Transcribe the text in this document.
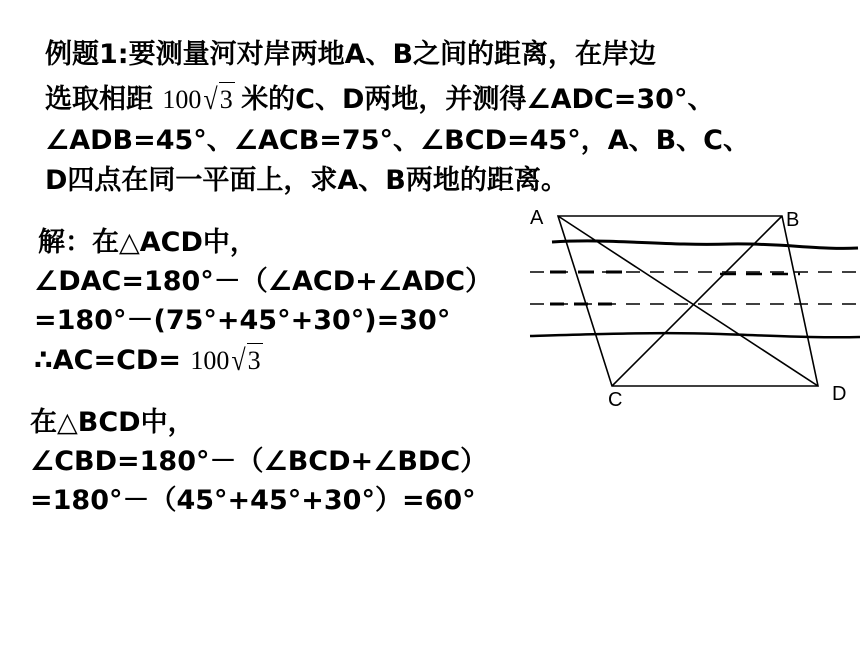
例题1:要测量河对岸两地A、B之间的距离，在岸边
选取相距 100√3 米的C、D两地，并测得∠ADC=30°、
∠ADB=45°、∠ACB=75°、∠BCD=45°，A、B、C、
D四点在同一平面上，求A、B两地的距离。
解：在△ACD中，
∠DAC=180°－（∠ACD+∠ADC）
=180°－(75°+45°+30°)=30°
∴AC=CD= 100√3
在△BCD中，
∠CBD=180°－（∠BCD+∠BDC）
=180°－（45°+45°+30°）=60°
A	B
C	D
